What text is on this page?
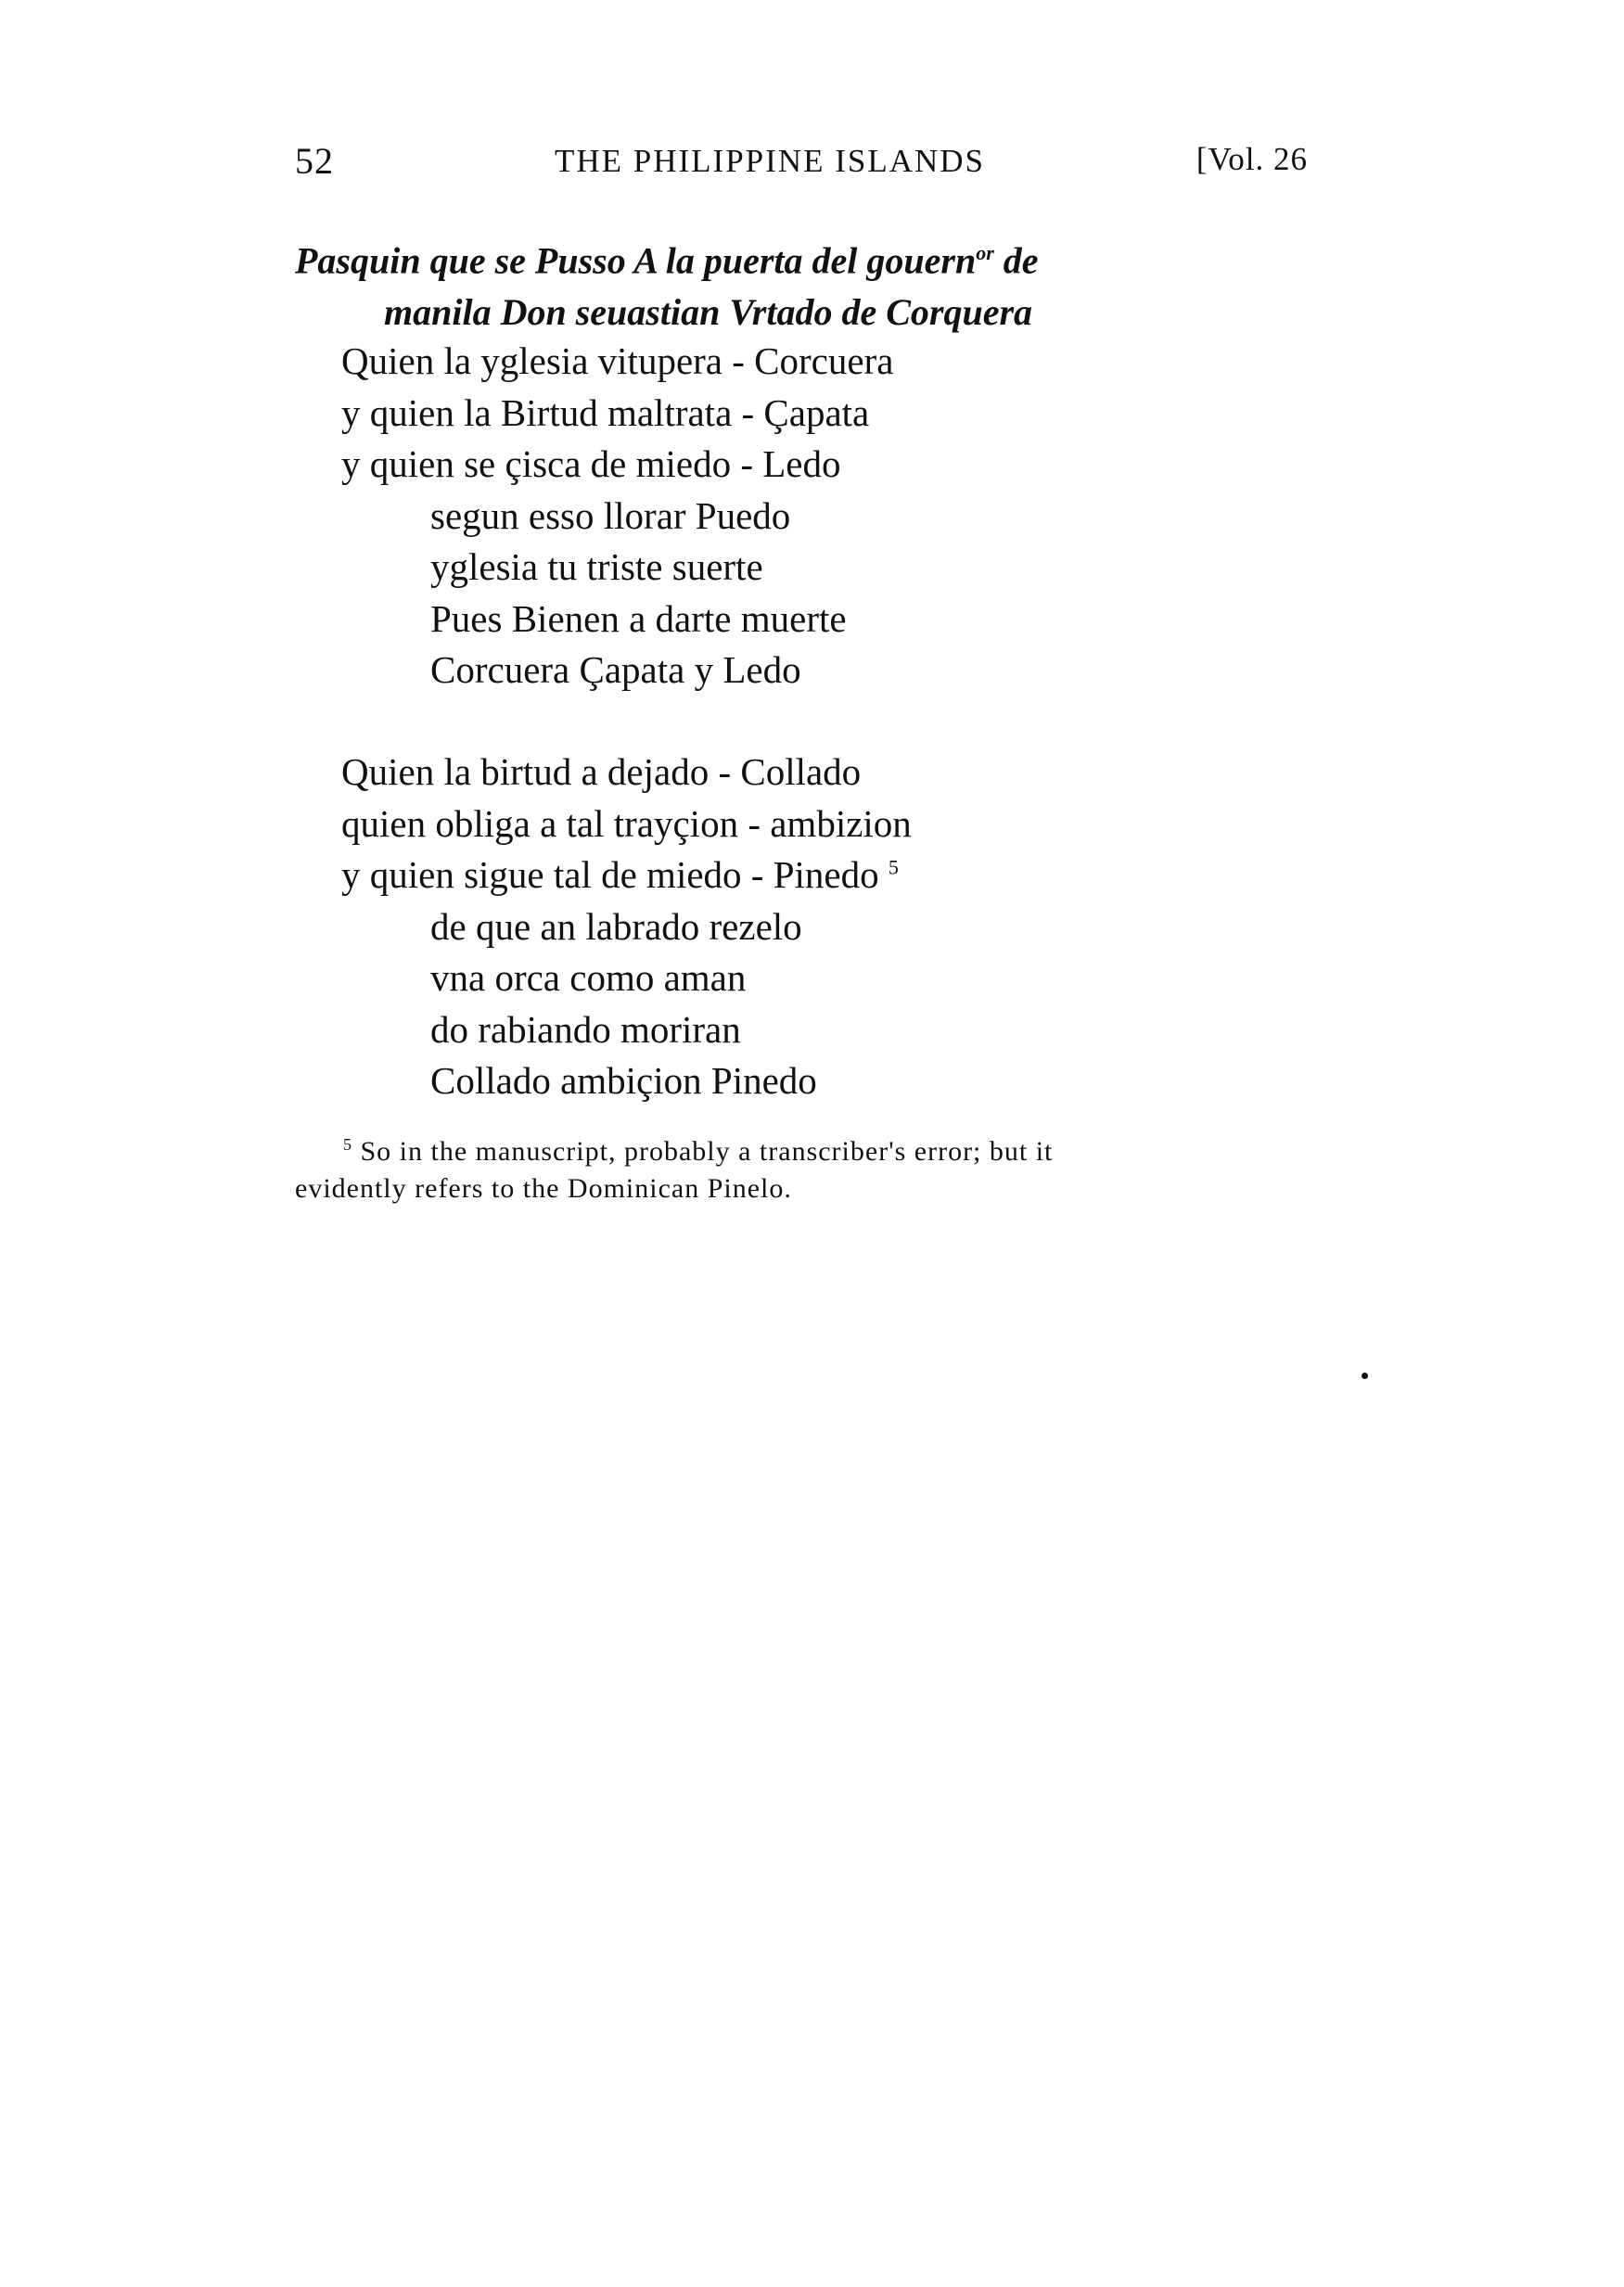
52	THE PHILIPPINE ISLANDS	[Vol. 26
Pasquin que se Pusso A la puerta del gouern$^{or}$ de
manila Don seuastian Vrtado de Corquera
Quien la yglesia vitupera - Corcuera
y quien la Birtud maltrata - Çapata
y quien se çisca de miedo - Ledo
segun esso llorar Puedo
yglesia tu triste suerte
Pues Bienen a darte muerte
Corcuera Çapata y Ledo
Quien la birtud a dejado - Collado
quien obliga a tal trayçion - ambizion
y quien sigue tal de miedo - Pinedo $^5$
de que an labrado rezelo
vna orca como aman
do rabiando moriran
Collado ambiçion Pinedo
$^5$ So in the manuscript, probably a transcriber's error; but it
evidently refers to the Dominican Pinelo.
